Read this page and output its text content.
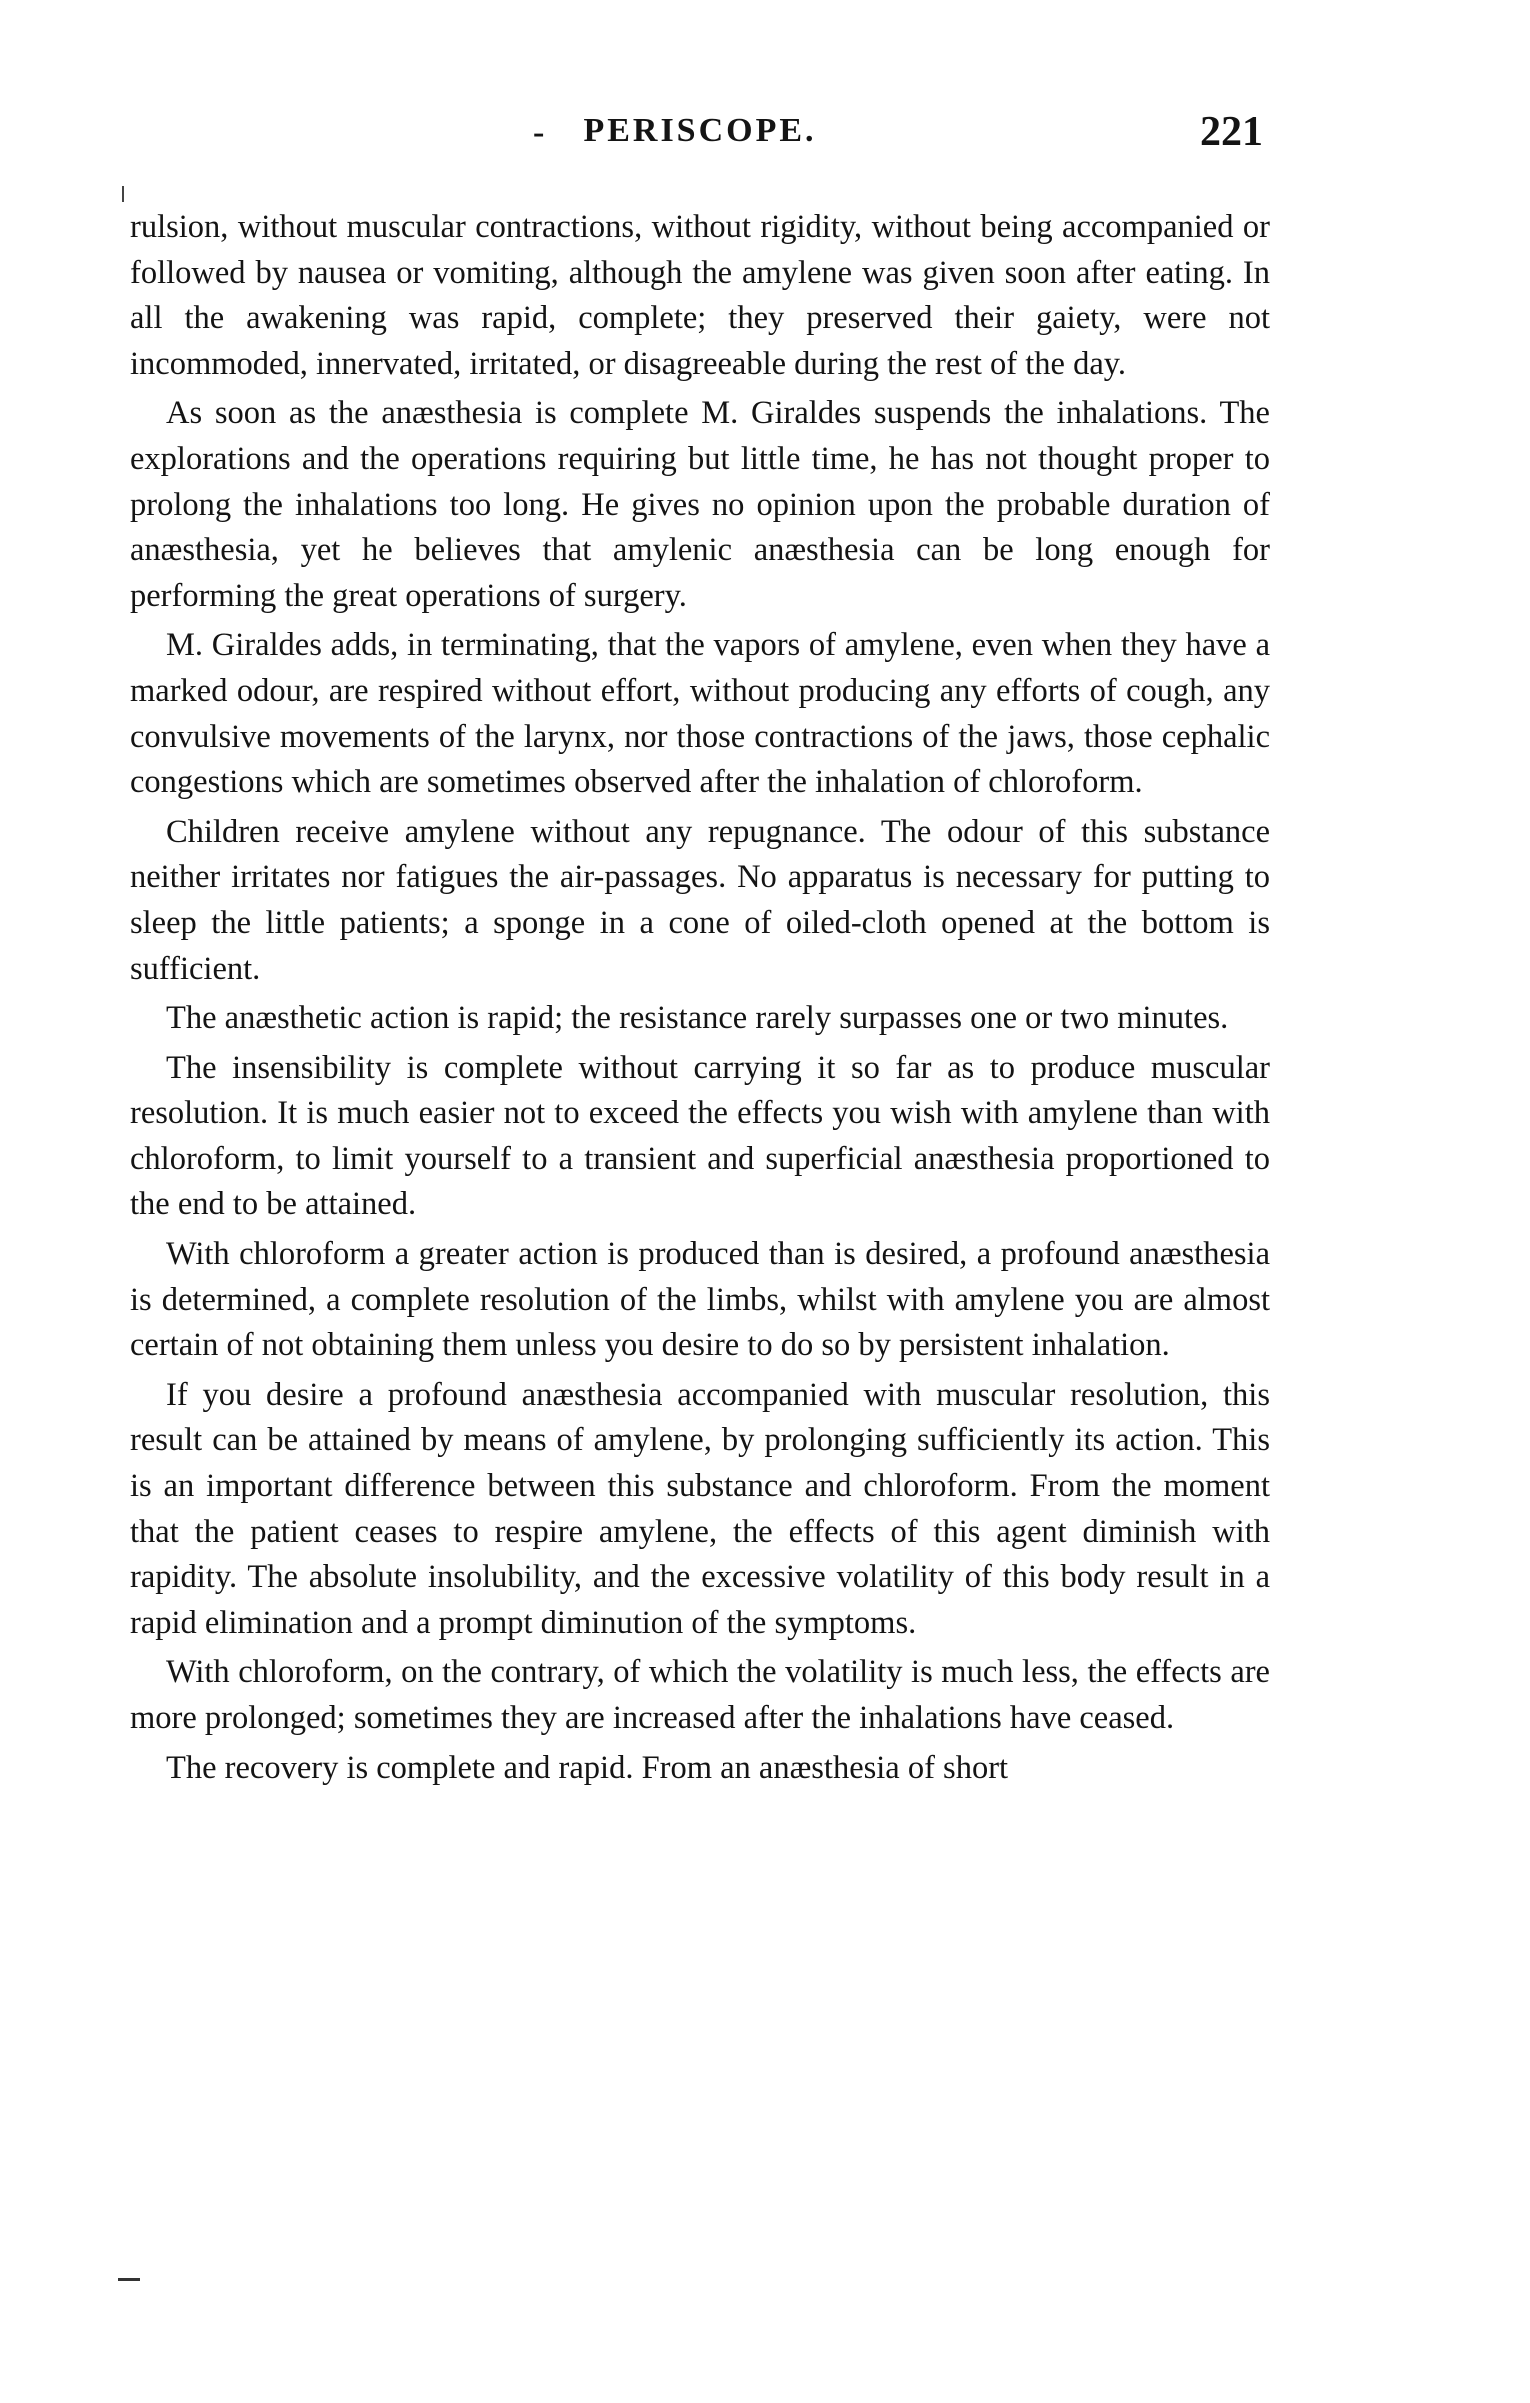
-	PERISCOPE.	221

rulsion, without muscular contractions, without rigidity, without being accompanied or followed by nausea or vomiting, although the amylene was given soon after eating. In all the awakening was rapid, complete; they preserved their gaiety, were not incommoded, innervated, irritated, or disagreeable during the rest of the day.

As soon as the anæsthesia is complete M. Giraldes suspends the inhalations. The explorations and the operations requiring but little time, he has not thought proper to prolong the inhalations too long. He gives no opinion upon the probable duration of anæsthesia, yet he believes that amylenic anæsthesia can be long enough for performing the great operations of surgery.

M. Giraldes adds, in terminating, that the vapors of amylene, even when they have a marked odour, are respired without effort, without producing any efforts of cough, any convulsive movements of the larynx, nor those contractions of the jaws, those cephalic congestions which are sometimes observed after the inhalation of chloroform.

Children receive amylene without any repugnance. The odour of this substance neither irritates nor fatigues the air-passages. No apparatus is necessary for putting to sleep the little patients; a sponge in a cone of oiled-cloth opened at the bottom is sufficient.

The anæsthetic action is rapid; the resistance rarely surpasses one or two minutes.

The insensibility is complete without carrying it so far as to produce muscular resolution. It is much easier not to exceed the effects you wish with amylene than with chloroform, to limit yourself to a transient and superficial anæsthesia proportioned to the end to be attained.

With chloroform a greater action is produced than is desired, a profound anæsthesia is determined, a complete resolution of the limbs, whilst with amylene you are almost certain of not obtaining them unless you desire to do so by persistent inhalation.

If you desire a profound anæsthesia accompanied with muscular resolution, this result can be attained by means of amylene, by prolonging sufficiently its action. This is an important difference between this substance and chloroform. From the moment that the patient ceases to respire amylene, the effects of this agent diminish with rapidity. The absolute insolubility, and the excessive volatility of this body result in a rapid elimination and a prompt diminution of the symptoms.

With chloroform, on the contrary, of which the volatility is much less, the effects are more prolonged; sometimes they are increased after the inhalations have ceased.

The recovery is complete and rapid. From an anæsthesia of short
